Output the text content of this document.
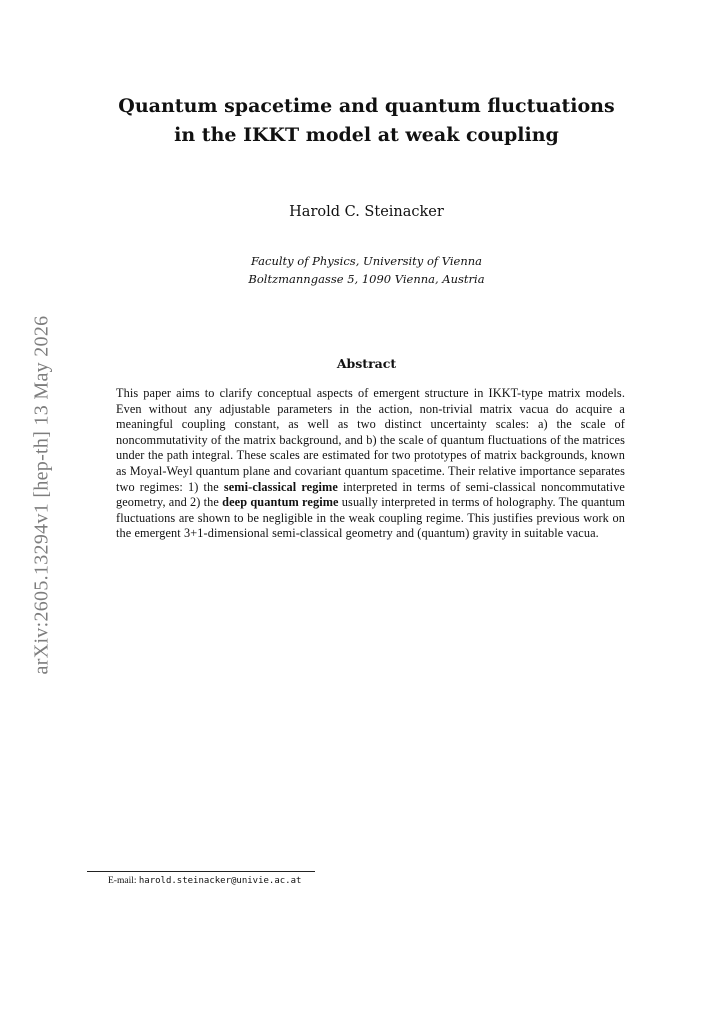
arXiv:2605.13294v1 [hep-th] 13 May 2026
Quantum spacetime and quantum fluctuations
in the IKKT model at weak coupling
Harold C. Steinacker
Faculty of Physics, University of Vienna
Boltzmanngasse 5, 1090 Vienna, Austria
Abstract
This paper aims to clarify conceptual aspects of emergent structure in IKKT-type matrix models. Even without any adjustable parameters in the action, non-trivial matrix vacua do acquire a meaningful coupling constant, as well as two distinct uncertainty scales: a) the scale of noncommutativity of the matrix background, and b) the scale of quantum fluctuations of the matrices under the path integral. These scales are estimated for two prototypes of matrix backgrounds, known as Moyal-Weyl quantum plane and covariant quantum spacetime. Their relative importance separates two regimes: 1) the semi-classical regime interpreted in terms of semi-classical noncommutative geometry, and 2) the deep quantum regime usually interpreted in terms of holography. The quantum fluctuations are shown to be negligible in the weak coupling regime. This justifies previous work on the emergent 3+1-dimensional semi-classical geometry and (quantum) gravity in suitable vacua.
E-mail: harold.steinacker@univie.ac.at
